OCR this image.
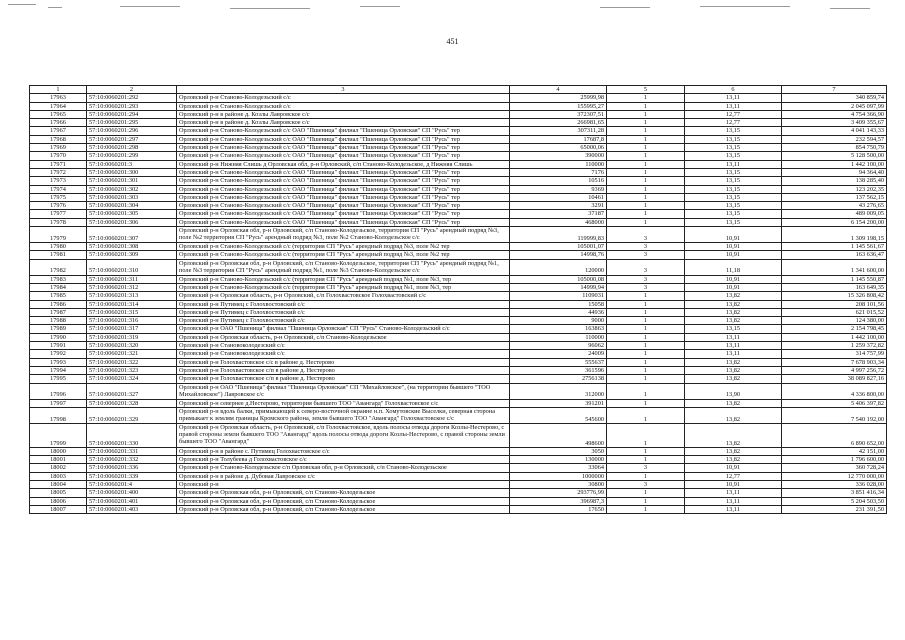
451
1	2	3	4	5	6	7
17963	57:10:0060201:292	Орловский р-н Станово-Колодезьский с/с	25999,98	1	13,11	340 859,74
17964	57:10:0060201:293	Орловский р-н Станово-Колодезьский с/с	155995,27	1	13,11	2 045 097,99
17965	57:10:0060201:294	Орловский р-н в районе д. Козлы Лавровское с/с	372307,51	1	12,77	4 754 366,90
17966	57:10:0060201:295	Орловский р-н в районе д. Козлы Лавровское с/с	266981,65	1	12,77	3 409 355,67
17967	57:10:0060201:296	Орловский р-н Станово-Колодезьский с/с ОАО "Пшеница" филиал "Пшеница Орловская" СП "Русь" тер	307311,28	1	13,15	4 041 143,33
17968	57:10:0060201:297	Орловский р-н Станово-Колодезьский с/с ОАО "Пшеница" филиал "Пшеница Орловская" СП "Русь" тер	17687,8	1	13,15	232 594,57
17969	57:10:0060201:298	Орловский р-н Станово-Колодезьский с/с ОАО "Пшеница" филиал "Пшеница Орловская" СП "Русь" тер	65000,06	1	13,15	854 750,79
17970	57:10:0060201:299	Орловский р-н Станово-Колодезьский с/с ОАО "Пшеница" филиал "Пшеница Орловская" СП "Русь" тер	390000	1	13,15	5 128 500,00
17971	57:10:0060201:3	Орловский р-н Нижняя Слишь д Орловская обл, р-н Орловский, с/п Станово-Колодезьское, д Нижняя Слишь	110000	1	13,11	1 442 100,00
17972	57:10:0060201:300	Орловский р-н Станово-Колодезьский с/с ОАО "Пшеница" филиал "Пшеница Орловская" СП "Русь" тер	7176	1	13,15	94 364,40
17973	57:10:0060201:301	Орловский р-н Станово-Колодезьский с/с ОАО "Пшеница" филиал "Пшеница Орловская" СП "Русь" тер	10516	1	13,15	138 285,40
17974	57:10:0060201:302	Орловский р-н Станово-Колодезьский с/с ОАО "Пшеница" филиал "Пшеница Орловская" СП "Русь" тер	9369	1	13,15	123 202,35
17975	57:10:0060201:303	Орловский р-н Станово-Колодезьский с/с ОАО "Пшеница" филиал "Пшеница Орловская" СП "Русь" тер	10461	1	13,15	137 562,15
17976	57:10:0060201:304	Орловский р-н Станово-Колодезьский с/с ОАО "Пшеница" филиал "Пшеница Орловская" СП "Русь" тер	3291	1	13,15	43 276,65
17977	57:10:0060201:305	Орловский р-н Станово-Колодезьский с/с ОАО "Пшеница" филиал "Пшеница Орловская" СП "Русь" тер	37187	1	13,15	489 009,05
17978	57:10:0060201:306	Орловский р-н Станово-Колодезьский с/с ОАО "Пшеница" филиал "Пшеница Орловская" СП "Русь" тер	468000	1	13,15	6 154 200,00
17979	57:10:0060201:307	Орловский р-н Орловская обл, р-н Орловский, с/п Станово-Колодезьское, территория СП "Русь" арендный подряд №3, поле №2 территория СП "Русь" арендный подряд №3, поле №2 Станово-Колодезьское с/с	119999,83	3	10,91	1 309 198,15
17980	57:10:0060201:308	Орловский р-н Станово-Колодезьский с/с (территория СП "Русь" арендный подряд №3, поле №2 тер	105001,07	3	10,91	1 145 561,67
17981	57:10:0060201:309	Орловский р-н Станово-Колодезьский с/с (территория СП "Русь" арендный подряд №3, поле №2 тер	14998,76	3	10,91	163 636,47
17982	57:10:0060201:310	Орловский р-н Орловская обл, р-н Орловский, с/п Станово-Колодезьское, территория СП "Русь" арендный подряд №1, поле №3 территория СП "Русь" арендный подряд №1, поле №3 Станово-Колодезьское с/с	120000	3	11,18	1 341 600,00
17983	57:10:0060201:311	Орловский р-н Станово-Колодезьский с/с (территория СП "Русь" арендный подряд №1, поле №3, тер	105000,08	3	10,91	1 145 550,87
17984	57:10:0060201:312	Орловский р-н Станово-Колодезьский с/с (территория СП "Русь" арендный подряд №1, поле №3, тер	14999,94	3	10,91	163 649,35
17985	57:10:0060201:313	Орловский р-н Орловская область, р-н Орловский, с/п Голохвастовское Голохвастовский с/с	1109031	1	13,82	15 326 808,42
17986	57:10:0060201:314	Орловский р-н Путимец с Голохвостовский с/с	15058	1	13,82	208 101,56
17987	57:10:0060201:315	Орловский р-н Путимец с Голохвостовский с/с	44936	1	13,82	621 015,52
17988	57:10:0060201:316	Орловский р-н Путимец с Голохвостовский с/с	9000	1	13,82	124 380,00
17989	57:10:0060201:317	Орловский р-н ОАО "Пшеница" филиал "Пшеница Орловская" СП "Русь" Станово-Колодезьский с/с	163863	1	13,15	2 154 798,45
17990	57:10:0060201:319	Орловский р-н Орловская область, р-н Орловский, с/п Станово-Колодезьское	110000	1	13,11	1 442 100,00
17991	57:10:0060201:320	Орловский р-н Становоколодезский с/с	96062	1	13,11	1 259 372,82
17992	57:10:0060201:321	Орловский р-н Становоколодезский с/с	24009	1	13,11	314 757,99
17993	57:10:0060201:322	Орловский р-н Голохвастовское с/с в районе д. Нестерово	555637	1	13,82	7 678 903,34
17994	57:10:0060201:323	Орловский р-н Голохвастовское с/п в районе д. Нестерово	361596	1	13,82	4 997 256,72
17995	57:10:0060201:324	Орловский р-н Голохвастовское с/п в районе д. Нестерово	2756138	1	13,82	38 089 827,16
17996	57:10:0060201:327	Орловский р-н ОАО "Пшеница" филиал "Пшеница Орловская" СП "Михайловское", (на территории бывшего "ТОО Михайловское") Лавровское с/с	312000	1	13,90	4 336 800,00
17997	57:10:0060201:328	Орловский р-н севернее д.Нестерово, территория бывшего ТОО "Авангард" Голохвастовское с/с	391201	1	13,82	5 406 397,82
17998	57:10:0060201:329	Орловский р-н вдоль балки, примыкающей к северо-восточной окраине н.п. Хомутовские Выселки, северная сторона примыкает к землям границы Кромского района, земли бывшего ТОО "Авангард" Голохвастовское с/с	545600	1	13,82	7 540 192,00
17999	57:10:0060201:330	Орловский р-н Орловская область, р-н Орловский, с/п Голохвастовское, вдоль полосы отвода дороги Козлы-Нестерово, с правой стороны земли бывшего ТОО "Авангард" вдоль полосы отвода дороги Козлы-Нестерово, с правой стороны земли бывшего ТОО "Авангард"	498600	1	13,82	6 890 652,00
18000	57:10:0060201:331	Орловский р-н в районе с. Путимец Голохвастовское с/с	3050	1	13,82	42 151,00
18001	57:10:0060201:332	Орловский р-н Толубеева д Голохвастовское с/с	130000	1	13,82	1 796 600,00
18002	57:10:0060201:336	Орловский р-н Станово-Колодезьское с/п Орловская обл, р-н Орловский, с/п Станово-Колодезьское	33064	3	10,91	360 728,24
18003	57:10:0060201:339	Орловский р-н в районе д. Дубовая Лавровское с/с	1000000	1	12,77	12 770 000,00
18004	57:10:0060201:4	Орловский р-н	30800	3	10,91	336 028,00
18005	57:10:0060201:400	Орловский р-н Орловская обл, р-н Орловский, с/п Станово-Колодезьское	293776,99	1	13,11	3 851 416,34
18006	57:10:0060201:401	Орловский р-н Орловская обл, р-н Орловский, с/п Станово-Колодезьское	396987,3	1	13,11	5 204 503,50
18007	57:10:0060201:403	Орловский р-н Орловская обл, р-н Орловский, с/п Станово-Колодезьское	17650	1	13,11	231 391,50
